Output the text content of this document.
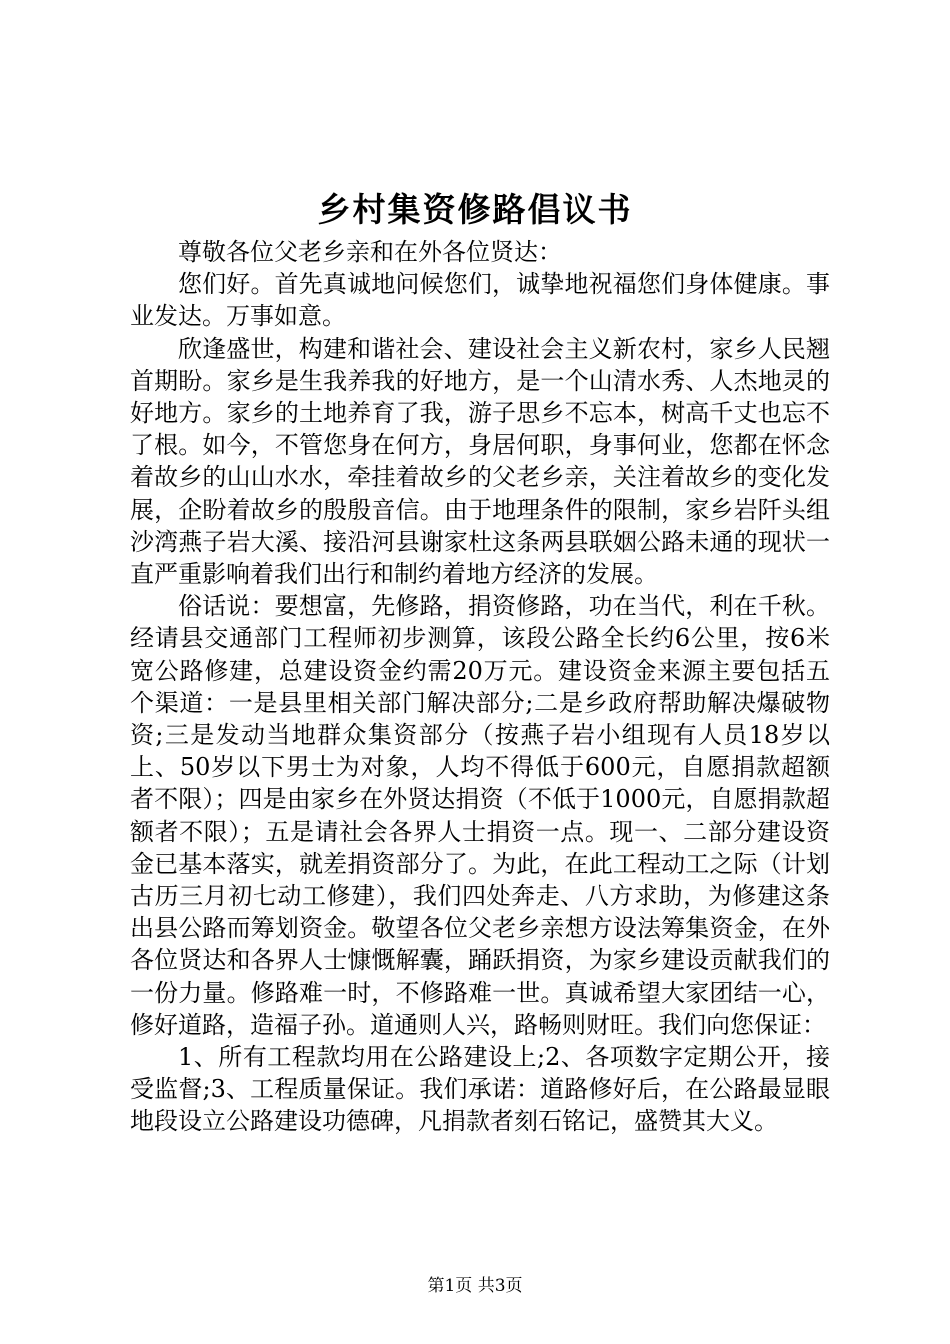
乡村集资修路倡议书

尊敬各位父老乡亲和在外各位贤达：

您们好。首先真诚地问候您们，诚挚地祝福您们身体健康。事业发达。万事如意。

欣逢盛世，构建和谐社会、建设社会主义新农村，家乡人民翘首期盼。家乡是生我养我的好地方，是一个山清水秀、人杰地灵的好地方。家乡的土地养育了我，游子思乡不忘本，树高千丈也忘不了根。如今，不管您身在何方，身居何职，身事何业，您都在怀念着故乡的山山水水，牵挂着故乡的父老乡亲，关注着故乡的变化发展，企盼着故乡的殷殷音信。由于地理条件的限制，家乡岩阡头组沙湾燕子岩大溪、接沿河县谢家杜这条两县联姻公路未通的现状一直严重影响着我们出行和制约着地方经济的发展。

俗话说：要想富，先修路，捐资修路，功在当代，利在千秋。经请县交通部门工程师初步测算，该段公路全长约6公里，按6米宽公路修建，总建设资金约需20万元。建设资金来源主要包括五个渠道：一是县里相关部门解决部分;二是乡政府帮助解决爆破物资;三是发动当地群众集资部分（按燕子岩小组现有人员18岁以上、50岁以下男士为对象，人均不得低于600元，自愿捐款超额者不限）；四是由家乡在外贤达捐资（不低于1000元，自愿捐款超额者不限）；五是请社会各界人士捐资一点。现一、二部分建设资金已基本落实，就差捐资部分了。为此，在此工程动工之际（计划古历三月初七动工修建），我们四处奔走、八方求助，为修建这条出县公路而筹划资金。敬望各位父老乡亲想方设法筹集资金，在外各位贤达和各界人士慷慨解囊，踊跃捐资，为家乡建设贡献我们的一份力量。修路难一时，不修路难一世。真诚希望大家团结一心，修好道路，造福子孙。道通则人兴，路畅则财旺。我们向您保证：

1、所有工程款均用在公路建设上;2、各项数字定期公开，接受监督;3、工程质量保证。我们承诺：道路修好后，在公路最显眼地段设立公路建设功德碑，凡捐款者刻石铭记，盛赞其大义。

第1页 共3页
